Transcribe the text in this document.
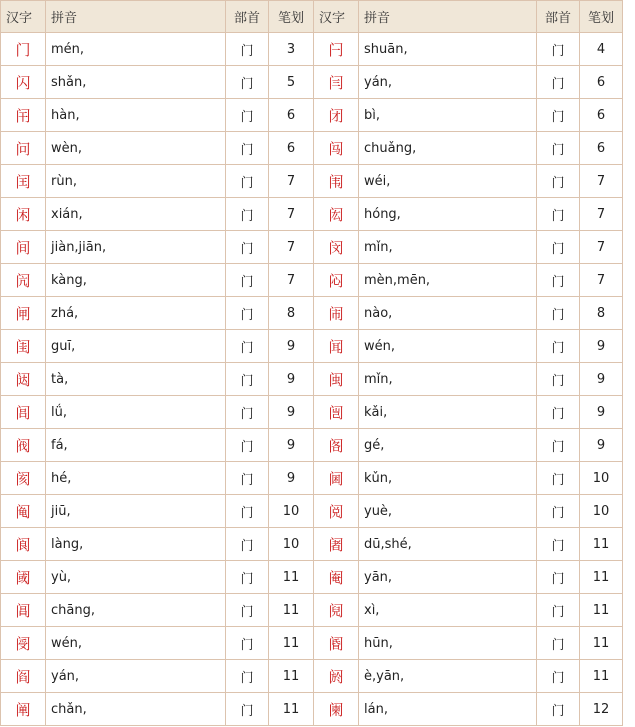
汉字	拼音	部首	笔划	汉字	拼音	部首	笔划
门	mén,	门	3	闩	shuān,	门	4
闪	shǎn,	门	5	闫	yán,	门	6
闬	hàn,	门	6	闭	bì,	门	6
问	wèn,	门	6	闯	chuǎng,	门	6
闰	rùn,	门	7	闱	wéi,	门	7
闲	xián,	门	7	闳	hóng,	门	7
间	jiàn,jiān,	门	7	闵	mǐn,	门	7
闶	kàng,	门	7	闷	mèn,mēn,	门	7
闸	zhá,	门	8	闹	nào,	门	8
闺	guī,	门	9	闻	wén,	门	9
闼	tà,	门	9	闽	mǐn,	门	9
闾	lǘ,	门	9	闿	kǎi,	门	9
阀	fá,	门	9	阁	gé,	门	9
阂	hé,	门	9	阃	kǔn,	门	10
阄	jiū,	门	10	阅	yuè,	门	10
阆	làng,	门	10	阇	dū,shé,	门	11
阈	yù,	门	11	阉	yān,	门	11
阊	chāng,	门	11	阋	xì,	门	11
阌	wén,	门	11	阍	hūn,	门	11
阎	yán,	门	11	阏	è,yān,	门	11
阐	chǎn,	门	11	阑	lán,	门	12
